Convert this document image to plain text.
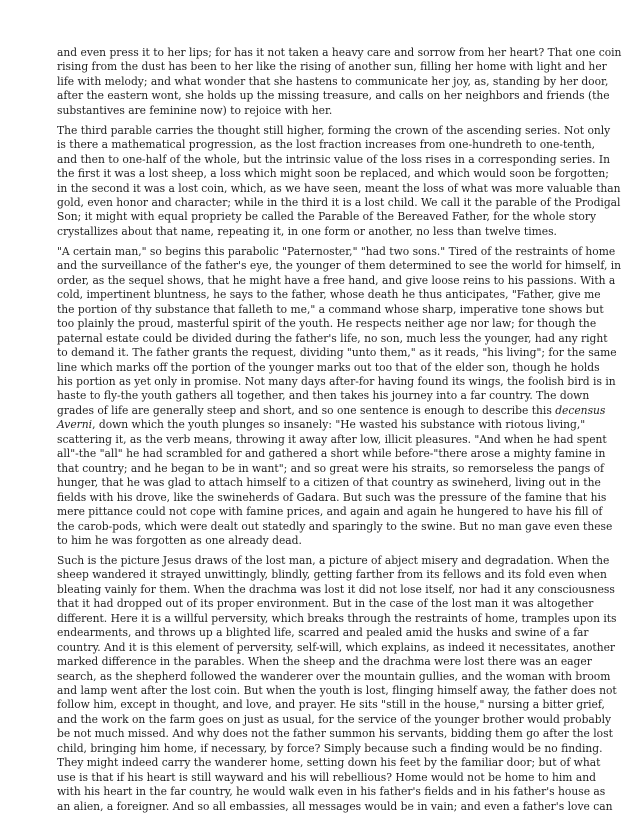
and even press it to her lips; for has it not taken a heavy care and sorrow from her heart? That one coin
rising from the dust has been to her like the rising of another sun, filling her home with light and her
life with melody; and what wonder that she hastens to communicate her joy, as, standing by her door,
after the eastern wont, she holds up the missing treasure, and calls on her neighbors and friends (the
substantives are feminine now) to rejoice with her.
The third parable carries the thought still higher, forming the crown of the ascending series. Not only
is there a mathematical progression, as the lost fraction increases from one-hundreth to one-tenth,
and then to one-half of the whole, but the intrinsic value of the loss rises in a corresponding series. In
the first it was a lost sheep, a loss which might soon be replaced, and which would soon be forgotten;
in the second it was a lost coin, which, as we have seen, meant the loss of what was more valuable than
gold, even honor and character; while in the third it is a lost child. We call it the parable of the Prodigal
Son; it might with equal propriety be called the Parable of the Bereaved Father, for the whole story
crystallizes about that name, repeating it, in one form or another, no less than twelve times.
"A certain man," so begins this parabolic "Paternoster," "had two sons." Tired of the restraints of home
and the surveillance of the father's eye, the younger of them determined to see the world for himself, in
order, as the sequel shows, that he might have a free hand, and give loose reins to his passions. With a
cold, impertinent bluntness, he says to the father, whose death he thus anticipates, "Father, give me
the portion of thy substance that falleth to me," a command whose sharp, imperative tone shows but
too plainly the proud, masterful spirit of the youth. He respects neither age nor law; for though the
paternal estate could be divided during the father's life, no son, much less the younger, had any right
to demand it. The father grants the request, dividing "unto them," as it reads, "his living"; for the same
line which marks off the portion of the younger marks out too that of the elder son, though he holds
his portion as yet only in promise. Not many days after-for having found its wings, the foolish bird is in
haste to fly-the youth gathers all together, and then takes his journey into a far country. The down
grades of life are generally steep and short, and so one sentence is enough to describe this decensus
Averni, down which the youth plunges so insanely: "He wasted his substance with riotous living,"
scattering it, as the verb means, throwing it away after low, illicit pleasures. "And when he had spent
all"-the "all" he had scrambled for and gathered a short while before-"there arose a mighty famine in
that country; and he began to be in want"; and so great were his straits, so remorseless the pangs of
hunger, that he was glad to attach himself to a citizen of that country as swineherd, living out in the
fields with his drove, like the swineherds of Gadara. But such was the pressure of the famine that his
mere pittance could not cope with famine prices, and again and again he hungered to have his fill of
the carob-pods, which were dealt out statedly and sparingly to the swine. But no man gave even these
to him he was forgotten as one already dead.
Such is the picture Jesus draws of the lost man, a picture of abject misery and degradation. When the
sheep wandered it strayed unwittingly, blindly, getting farther from its fellows and its fold even when
bleating vainly for them. When the drachma was lost it did not lose itself, nor had it any consciousness
that it had dropped out of its proper environment. But in the case of the lost man it was altogether
different. Here it is a willful perversity, which breaks through the restraints of home, tramples upon its
endearments, and throws up a blighted life, scarred and pealed amid the husks and swine of a far
country. And it is this element of perversity, self-will, which explains, as indeed it necessitates, another
marked difference in the parables. When the sheep and the drachma were lost there was an eager
search, as the shepherd followed the wanderer over the mountain gullies, and the woman with broom
and lamp went after the lost coin. But when the youth is lost, flinging himself away, the father does not
follow him, except in thought, and love, and prayer. He sits "still in the house," nursing a bitter grief,
and the work on the farm goes on just as usual, for the service of the younger brother would probably
be not much missed. And why does not the father summon his servants, bidding them go after the lost
child, bringing him home, if necessary, by force? Simply because such a finding would be no finding.
They might indeed carry the wanderer home, setting down his feet by the familiar door; but of what
use is that if his heart is still wayward and his will rebellious? Home would not be home to him and
with his heart in the far country, he would walk even in his father's fields and in his father's house as
an alien, a foreigner. And so all embassies, all messages would be in vain; and even a father's love can
